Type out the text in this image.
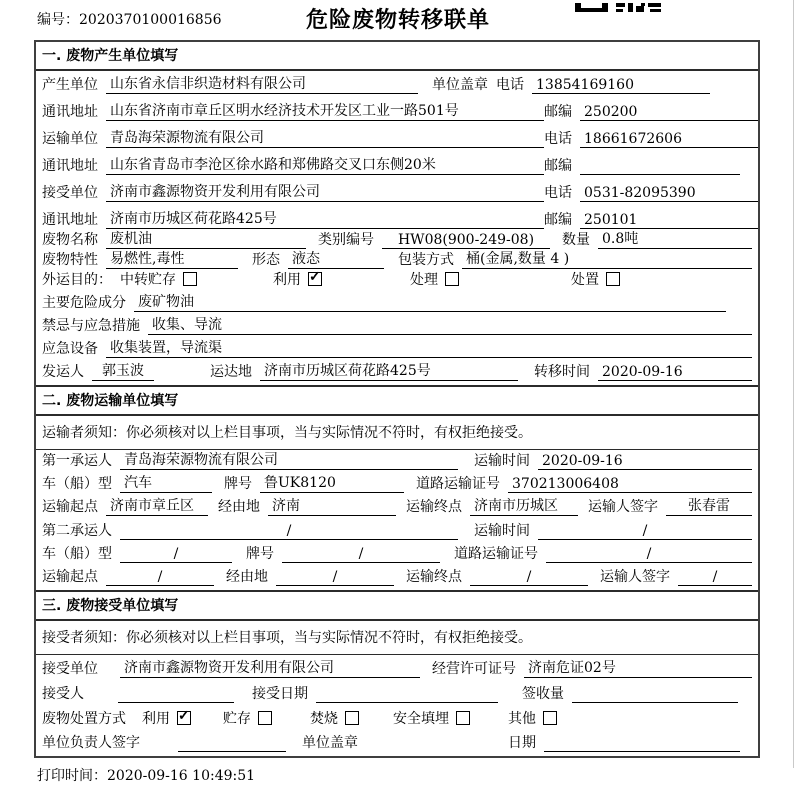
编号：2020370100016856	危险废物转移联单
一. 废物产生单位填写
产生单位 山东省永信非织造材料有限公司	单位盖章 电话 13854169160
通讯地址 山东省济南市章丘区明水经济技术开发区工业一路501号	邮编 250200
运输单位 青岛海荣源物流有限公司	电话 18661672606
通讯地址 山东省青岛市李沧区徐水路和郑佛路交叉口东侧20米	邮编
接受单位 济南市鑫源物资开发利用有限公司	电话 0531-82095390
通讯地址 济南市历城区荷花路425号	邮编 250101
废物名称 废机油	类别编号	HW08(900-249-08)	数量 0.8吨
废物特性 易燃性,毒性	形态 液态	包装方式 桶(金属,数量 4 )
外运目的： 中转贮存	利用 ✓	处理	处置
主要危险成分 废矿物油
禁忌与应急措施 收集、导流
应急设备 收集装置，导流渠
发运人	郭玉波	运达地 济南市历城区荷花路425号	转移时间 2020-09-16
二. 废物运输单位填写
运输者须知：你必须核对以上栏目事项，当与实际情况不符时，有权拒绝接受。
第一承运人 青岛海荣源物流有限公司	运输时间 2020-09-16
车（船）型 汽车	牌号 鲁UK8120	道路运输证号 370213006408
运输起点 济南市章丘区	经由地 济南	运输终点 济南市历城区	运输人签字	张春雷
第二承运人	/	运输时间	/
车（船）型	/	牌号	/	道路运输证号	/
运输起点	/	经由地	/	运输终点	/	运输人签字	/
三. 废物接受单位填写
接受者须知：你必须核对以上栏目事项，当与实际情况不符时，有权拒绝接受。
接受单位 济南市鑫源物资开发利用有限公司	经营许可证号 济南危证02号
接受人	接受日期	签收量
废物处置方式 利用 ✓	贮存	焚烧	安全填埋	其他
单位负责人签字	单位盖章	日期
打印时间：2020-09-16 10:49:51
